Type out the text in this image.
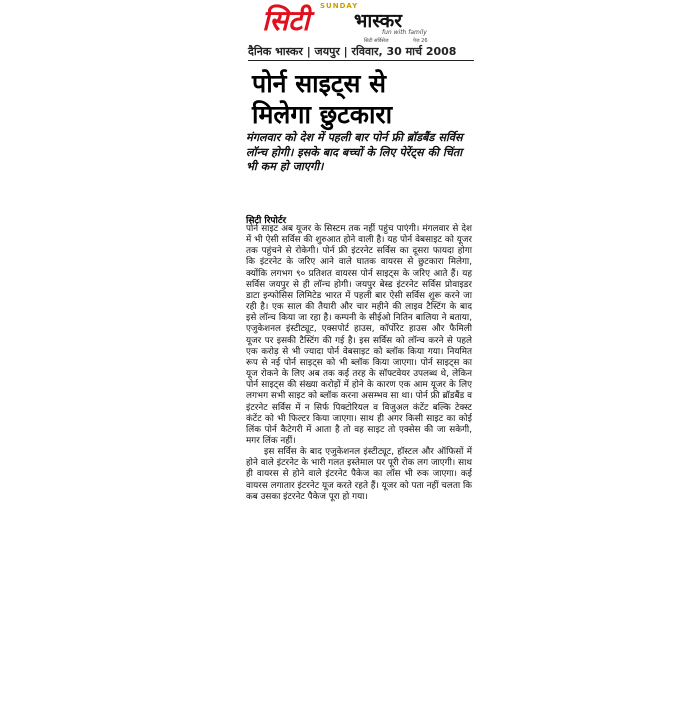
SUNDAY
सिटी भास्कर
fun with family
सिटी सर्विसेज	पेज 26
दैनिक भास्कर | जयपुर | रविवार, 30 मार्च 2008
पोर्न साइट्स से
मिलेगा छुटकारा
मंगलवार को देश में पहली बार पोर्न फ्री ब्रॉडबैंड सर्विस लॉन्च होगी। इसके बाद बच्चों के लिए पेरेंट्स की चिंता भी कम हो जाएगी।
सिटी रिपोर्टर

पोर्न साइट अब यूजर के सिस्टम तक नहीं पहुंच पाएंगी। मंगलवार से देश में भी ऐसी सर्विस की शुरुआत होने वाली है। यह पोर्न वेबसाइट को यूजर तक पहुंचने से रोकेगी। पोर्न फ्री इंटरनेट सर्विस का दूसरा फायदा होगा कि इंटरनेट के जरिए आने वाले घातक वायरस से छुटकारा मिलेगा, क्योंकि लगभग ९० प्रतिशत वायरस पोर्न साइट्स के जरिए आते हैं। यह सर्विस जयपुर से ही लॉन्च होगी। जयपुर बेस्ड इंटरनेट सर्विस प्रोवाइडर डाटा इन्फोसिस लिमिटेड भारत में पहली बार ऐसी सर्विस शुरू करने जा रही है। एक साल की तैयारी और चार महीने की लाइव टैस्टिंग के बाद इसे लॉन्च किया जा रहा है। कम्पनी के सीईओ नितिन बालिया ने बताया, एजुकेशनल इंस्टीट्यूट, एक्सपोर्ट हाउस, कॉर्पोरेट हाउस और फैमिली यूजर पर इसकी टैस्टिंग की गई है। इस सर्विस को लॉन्च करने से पहले एक करोड़ से भी ज्यादा पोर्न वेबसाइट को ब्लॉक किया गया। नियमित रूप से नई पोर्न साइट्स को भी ब्लॉक किया जाएगा। पोर्न साइट्स का यूज रोकने के लिए अब तक कई तरह के सॉफ्टवेयर उपलब्ध थे, लेकिन पोर्न साइट्स की संख्या करोड़ों में होने के कारण एक आम यूजर के लिए लगभग सभी साइट को ब्लॉक करना असम्भव सा था। पोर्न फ्री ब्रॉडबैंड व इंटरनेट सर्विस में न सिर्फ पिक्टोरियल व विजुअल कंटेंट बल्कि टेक्स्ट कंटेंट को भी फिल्टर किया जाएगा। साथ ही अगर किसी साइट का कोई लिंक पोर्न कैटेगरी में आता है तो वह साइट तो एक्सेस की जा सकेगी, मगर लिंक नहीं।

इस सर्विस के बाद एजुकेशनल इंस्टीट्यूट, हॉस्टल और ऑफिसों में होने वाले इंटरनेट के भारी गलत इस्तेमाल पर पूरी रोक लग जाएगी। साथ ही वायरस से होने वाले इंटरनेट पैकेज का लॉस भी रुक जाएगा। कई वायरस लगातार इंटरनेट यूज करते रहते हैं। यूजर को पता नहीं चलता कि कब उसका इंटरनेट पैकेज पूरा हो गया।
